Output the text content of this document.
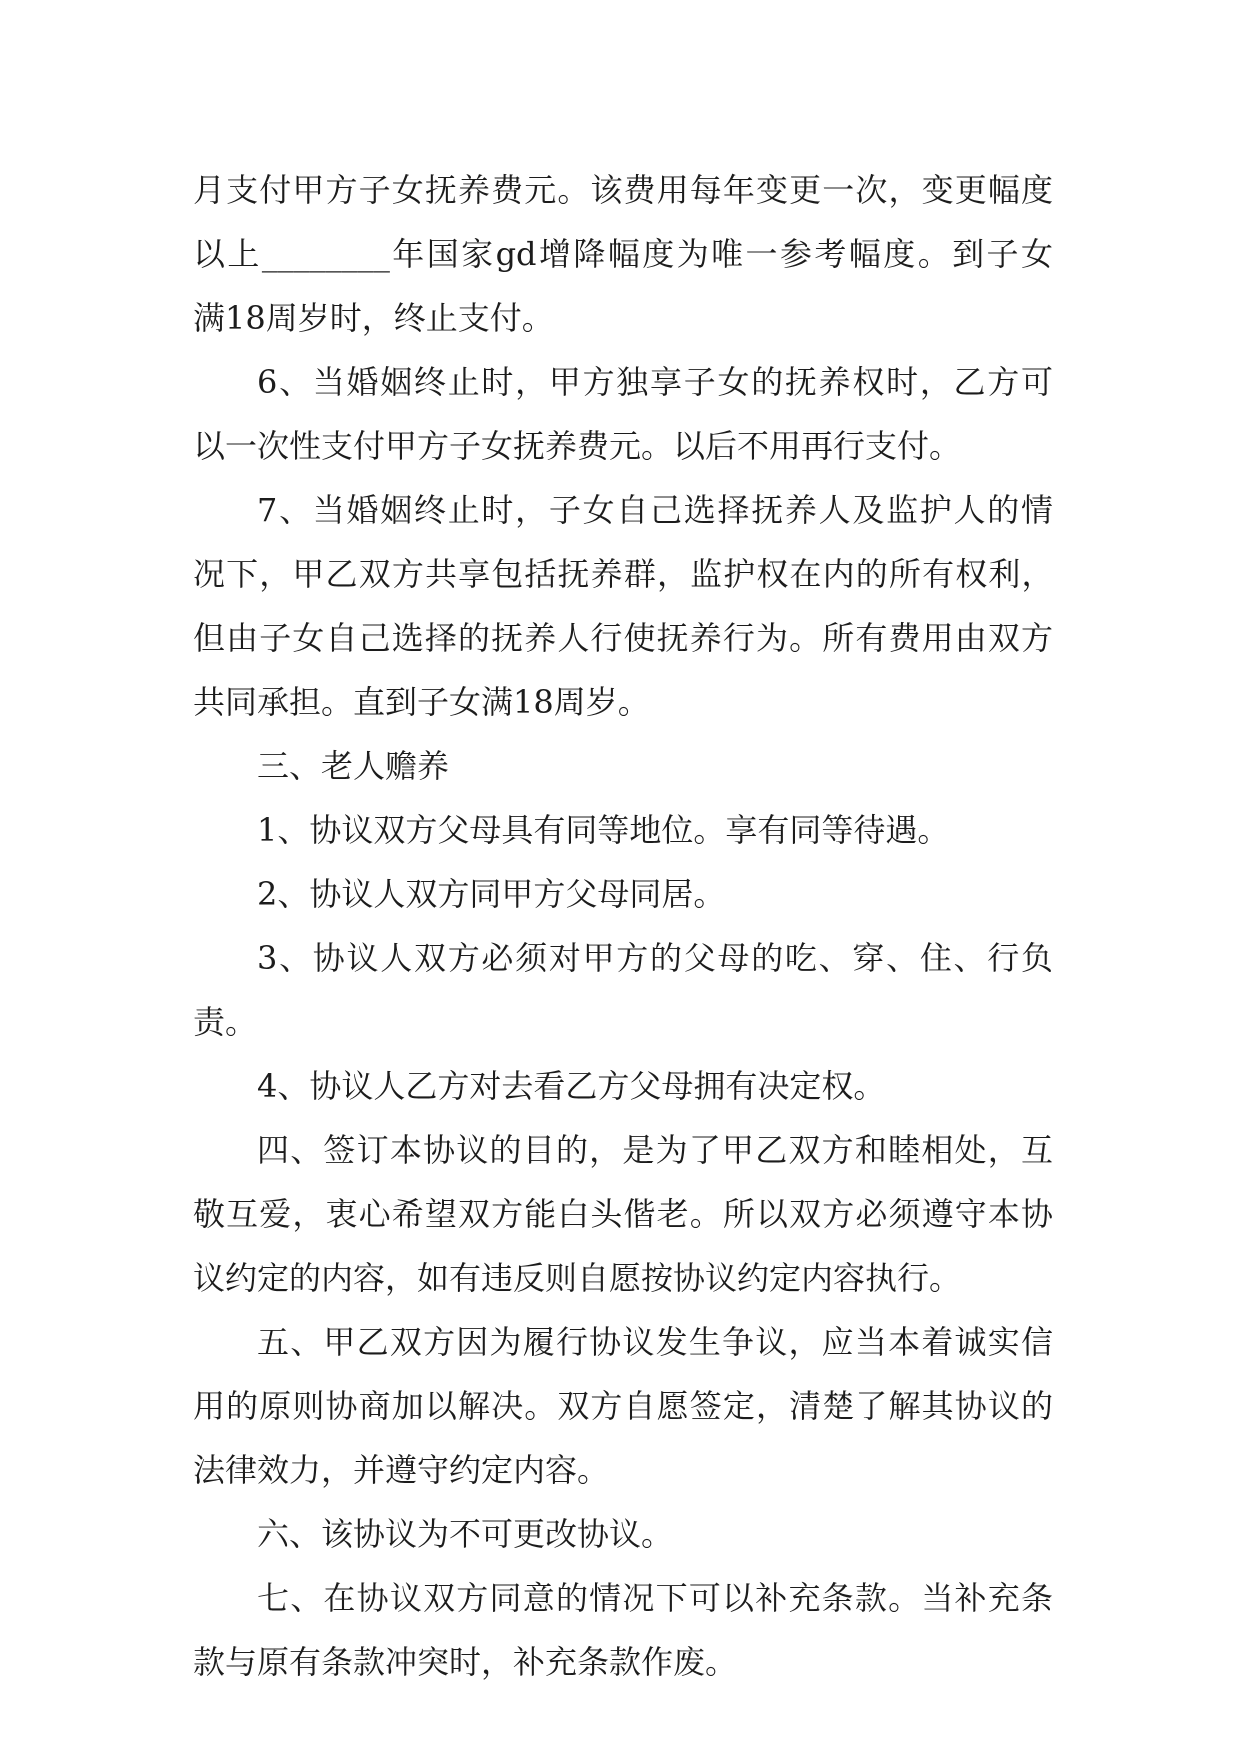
月支付甲方子女抚养费元。该费用每年变更一次，变更幅度
以上________年国家gd增降幅度为唯一参考幅度。到子女
满18周岁时，终止支付。
6、当婚姻终止时，甲方独享子女的抚养权时，乙方可
以一次性支付甲方子女抚养费元。以后不用再行支付。
7、当婚姻终止时，子女自己选择抚养人及监护人的情
况下，甲乙双方共享包括抚养群，监护权在内的所有权利，
但由子女自己选择的抚养人行使抚养行为。所有费用由双方
共同承担。直到子女满18周岁。
三、老人赡养
1、协议双方父母具有同等地位。享有同等待遇。
2、协议人双方同甲方父母同居。
3、协议人双方必须对甲方的父母的吃、穿、住、行负
责。
4、协议人乙方对去看乙方父母拥有决定权。
四、签订本协议的目的，是为了甲乙双方和睦相处，互
敬互爱，衷心希望双方能白头偕老。所以双方必须遵守本协
议约定的内容，如有违反则自愿按协议约定内容执行。
五、甲乙双方因为履行协议发生争议，应当本着诚实信
用的原则协商加以解决。双方自愿签定，清楚了解其协议的
法律效力，并遵守约定内容。
六、该协议为不可更改协议。
七、在协议双方同意的情况下可以补充条款。当补充条
款与原有条款冲突时，补充条款作废。
